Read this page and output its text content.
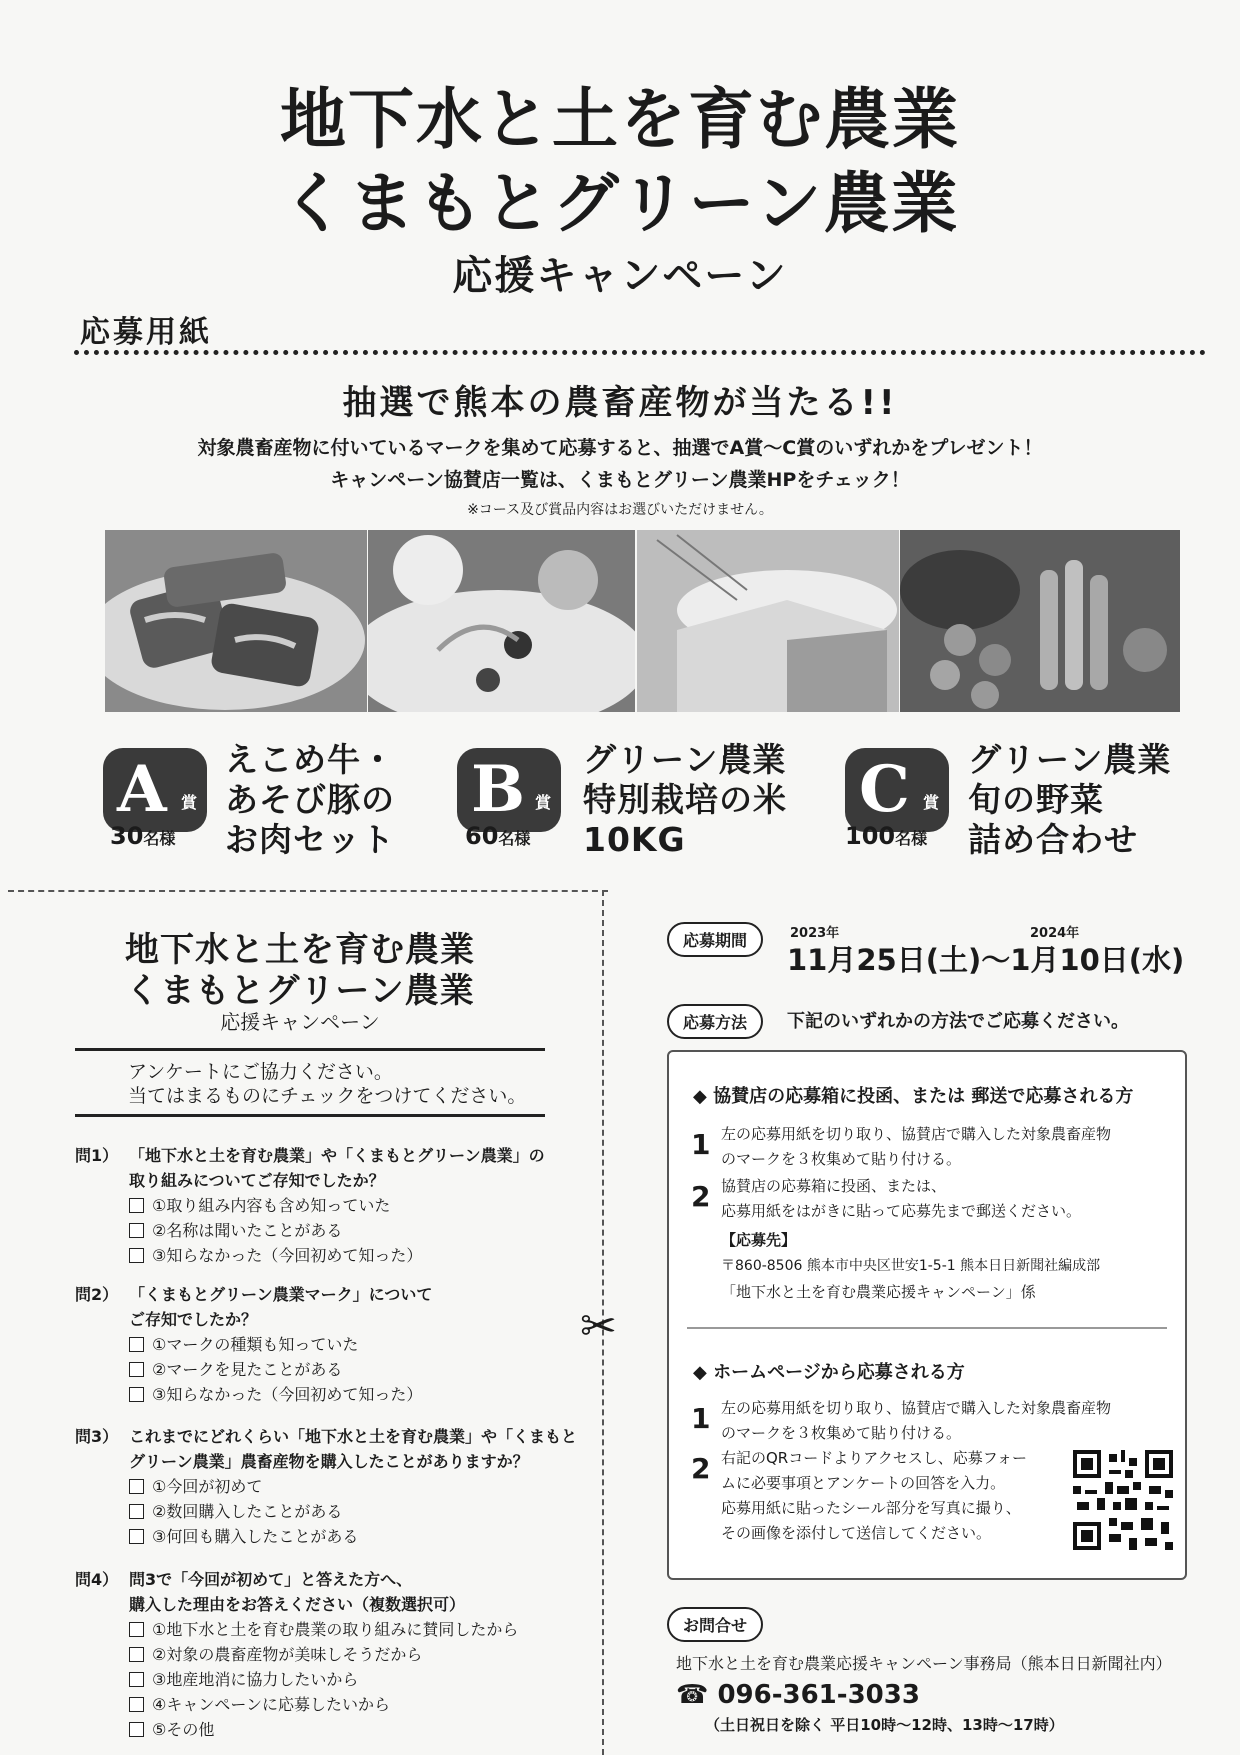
地下水と土を育む農業
くまもとグリーン農業
応援キャンペーン
応募用紙
抽選で熊本の農畜産物が当たる!!
対象農畜産物に付いているマークを集めて応募すると、抽選でA賞～C賞のいずれかをプレゼント！
キャンペーン協賛店一覧は、くまもとグリーン農業HPをチェック！
※コース及び賞品内容はお選びいただけません。
A 賞
30名様
えこめ牛・
あそび豚の
お肉セット
B 賞
60名様
グリーン農業
特別栽培の米
10KG
C 賞
100名様
グリーン農業
旬の野菜
詰め合わせ
✂
地下水と土を育む農業
くまもとグリーン農業
応援キャンペーン
アンケートにご協力ください。
当てはまるものにチェックをつけてください。
問1） 「地下水と土を育む農業」や「くまもとグリーン農業」の
取り組みについてご存知でしたか？
①取り組み内容も含め知っていた
②名称は聞いたことがある
③知らなかった（今回初めて知った）
問2） 「くまもとグリーン農業マーク」について
ご存知でしたか？
①マークの種類も知っていた
②マークを見たことがある
③知らなかった（今回初めて知った）
問3） これまでにどれくらい「地下水と土を育む農業」や「くまもと
グリーン農業」農畜産物を購入したことがありますか？
①今回が初めて
②数回購入したことがある
③何回も購入したことがある
問4） 問3で「今回が初めて」と答えた方へ、
購入した理由をお答えください（複数選択可）
①地下水と土を育む農業の取り組みに賛同したから
②対象の農畜産物が美味しそうだから
③地産地消に協力したいから
④キャンペーンに応募したいから
⑤その他
応募期間	2023年	2024年
11月25日(土)～1月10日(水)
応募方法	下記のいずれかの方法でご応募ください。
◆ 協賛店の応募箱に投函、または 郵送で応募される方
1 左の応募用紙を切り取り、協賛店で購入した対象農畜産物
のマークを３枚集めて貼り付ける。
2 協賛店の応募箱に投函、または、
応募用紙をはがきに貼って応募先まで郵送ください。
【応募先】
〒860-8506 熊本市中央区世安1-5-1 熊本日日新聞社編成部
「地下水と土を育む農業応援キャンペーン」係
◆ ホームページから応募される方
1 左の応募用紙を切り取り、協賛店で購入した対象農畜産物
のマークを３枚集めて貼り付ける。
2 右記のQRコードよりアクセスし、応募フォー
ムに必要事項とアンケートの回答を入力。
応募用紙に貼ったシール部分を写真に撮り、
その画像を添付して送信してください。
お問合せ
地下水と土を育む農業応援キャンペーン事務局（熊本日日新聞社内）
☎ 096-361-3033
（土日祝日を除く 平日10時～12時、13時～17時）
